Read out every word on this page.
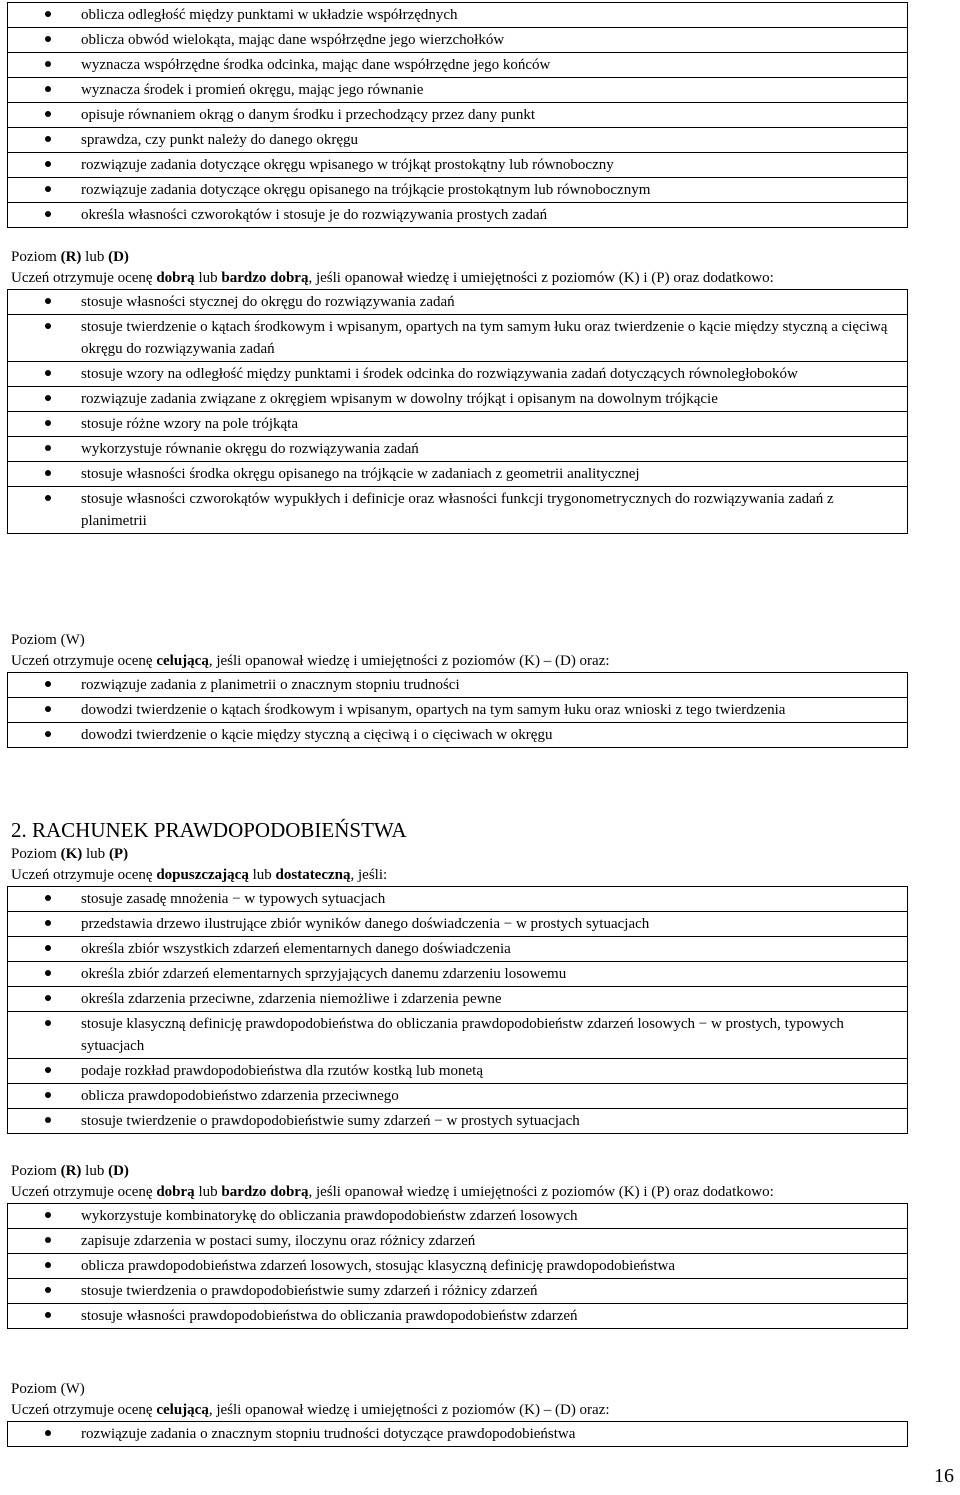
oblicza odległość między punktami w układzie współrzędnych
oblicza obwód wielokąta, mając dane współrzędne jego wierzchołków
wyznacza współrzędne środka odcinka, mając dane współrzędne jego końców
wyznacza środek i promień okręgu, mając jego równanie
opisuje równaniem okrąg o danym środku i przechodzący przez dany punkt
sprawdza, czy punkt należy do danego okręgu
rozwiązuje zadania dotyczące okręgu wpisanego w trójkąt prostokątny lub równoboczny
rozwiązuje zadania dotyczące okręgu opisanego na trójkącie prostokątnym lub równobocznym
określa własności czworokątów i stosuje je do rozwiązywania prostych zadań
Poziom (R) lub (D)
Uczeń otrzymuje ocenę dobrą lub bardzo dobrą, jeśli opanował wiedzę i umiejętności z poziomów (K) i (P) oraz dodatkowo:
stosuje własności stycznej do okręgu do rozwiązywania zadań
stosuje twierdzenie o kątach środkowym i wpisanym, opartych na tym samym łuku oraz twierdzenie o kącie między styczną a cięciwą okręgu do rozwiązywania zadań
stosuje wzory na odległość między punktami i środek odcinka do rozwiązywania zadań dotyczących równoległoboków
rozwiązuje zadania związane z okręgiem wpisanym w dowolny trójkąt i opisanym na dowolnym trójkącie
stosuje różne wzory na pole trójkąta
wykorzystuje równanie okręgu do rozwiązywania zadań
stosuje własności środka okręgu opisanego na trójkącie w zadaniach z geometrii analitycznej
stosuje własności czworokątów wypukłych i definicje oraz własności funkcji trygonometrycznych do rozwiązywania zadań z planimetrii
Poziom (W)
Uczeń otrzymuje ocenę celującą, jeśli opanował wiedzę i umiejętności z poziomów (K) – (D) oraz:
rozwiązuje zadania z planimetrii o znacznym stopniu trudności
dowodzi twierdzenie o kątach środkowym i wpisanym, opartych na tym samym łuku oraz wnioski z tego twierdzenia
dowodzi twierdzenie o kącie między styczną a cięciwą i o cięciwach w okręgu
2. RACHUNEK PRAWDOPODOBIEŃSTWA
Poziom (K) lub (P)
Uczeń otrzymuje ocenę dopuszczającą lub dostateczną, jeśli:
stosuje zasadę mnożenia − w typowych sytuacjach
przedstawia drzewo ilustrujące zbiór wyników danego doświadczenia − w prostych sytuacjach
określa zbiór wszystkich zdarzeń elementarnych danego doświadczenia
określa zbiór zdarzeń elementarnych sprzyjających danemu zdarzeniu losowemu
określa zdarzenia przeciwne, zdarzenia niemożliwe i zdarzenia pewne
stosuje klasyczną definicję prawdopodobieństwa do obliczania prawdopodobieństw zdarzeń losowych − w prostych, typowych sytuacjach
podaje rozkład prawdopodobieństwa dla rzutów kostką lub monetą
oblicza prawdopodobieństwo zdarzenia przeciwnego
stosuje twierdzenie o prawdopodobieństwie sumy zdarzeń − w prostych sytuacjach
Poziom (R) lub (D)
Uczeń otrzymuje ocenę dobrą lub bardzo dobrą, jeśli opanował wiedzę i umiejętności z poziomów (K) i (P) oraz dodatkowo:
wykorzystuje kombinatorykę do obliczania prawdopodobieństw zdarzeń losowych
zapisuje zdarzenia w postaci sumy, iloczynu oraz różnicy zdarzeń
oblicza prawdopodobieństwa zdarzeń losowych, stosując klasyczną definicję prawdopodobieństwa
stosuje twierdzenia o prawdopodobieństwie sumy zdarzeń i różnicy zdarzeń
stosuje własności prawdopodobieństwa do obliczania prawdopodobieństw zdarzeń
Poziom (W)
Uczeń otrzymuje ocenę celującą, jeśli opanował wiedzę i umiejętności z poziomów (K) – (D) oraz:
rozwiązuje zadania o znacznym stopniu trudności dotyczące prawdopodobieństwa
16
